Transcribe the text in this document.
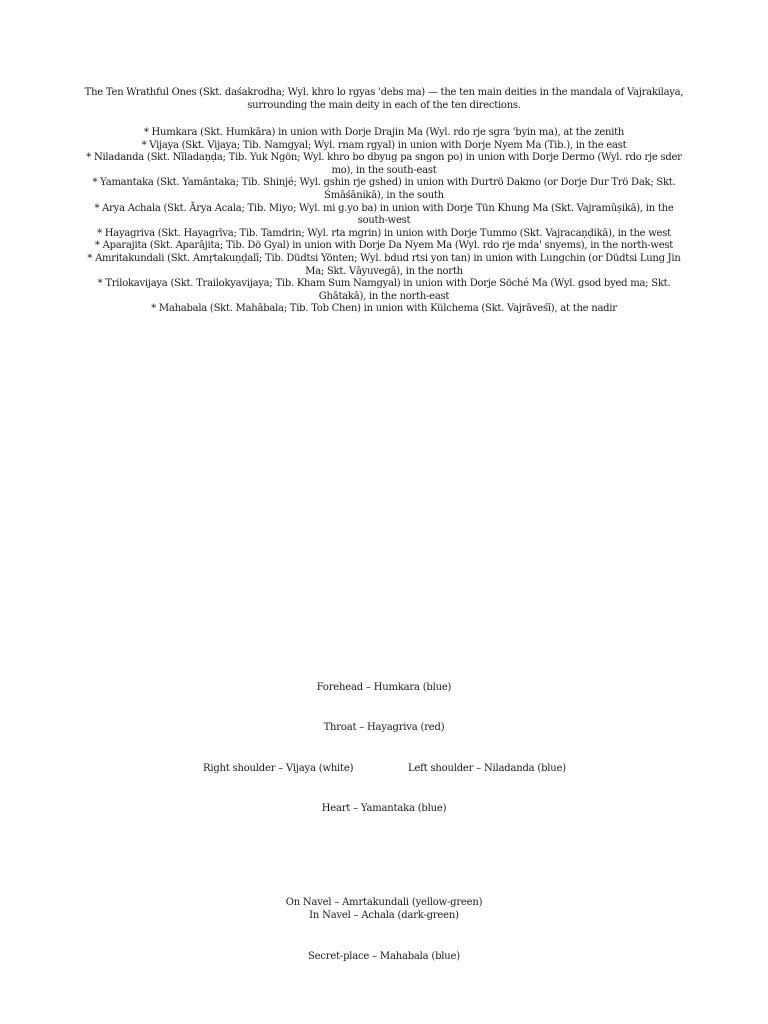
The Ten Wrathful Ones (Skt. daśakrodha; Wyl. khro lo rgyas 'debs ma) — the ten main deities in the mandala of Vajrakilaya, surrounding the main deity in each of the ten directions.
* Humkara (Skt. Humkāra) in union with Dorje Drajin Ma (Wyl. rdo rje sgra 'byin ma), at the zenith
* Vijaya (Skt. Vijaya; Tib. Namgyal; Wyl. rnam rgyal) in union with Dorje Nyem Ma (Tib.), in the east
* Niladanda (Skt. Nīladaṇḍa; Tib. Yuk Ngön; Wyl. khro bo dbyug pa sngon po) in union with Dorje Dermo (Wyl. rdo rje sder mo), in the south-east
* Yamantaka (Skt. Yamāntaka; Tib. Shinjé; Wyl. gshin rje gshed) in union with Durtrö Dakmo (or Dorje Dur Trö Dak; Skt. Śmāśānikā), in the south
* Arya Achala (Skt. Ārya Acala; Tib. Miyo; Wyl. mi g.yo ba) in union with Dorje Tün Khung Ma (Skt. Vajramūṣikā), in the south-west
* Hayagriva (Skt. Hayagrīva; Tib. Tamdrin; Wyl. rta mgrin) in union with Dorje Tummo (Skt. Vajracaṇḍikā), in the west
* Aparajita (Skt. Aparājita; Tib. Dö Gyal) in union with Dorje Da Nyem Ma (Wyl. rdo rje mda' snyems), in the north-west
* Amritakundali (Skt. Amṛtakuṇḍalī; Tib. Düdtsi Yönten; Wyl. bdud rtsi yon tan) in union with Lungchin (or Düdtsi Lung Jin Ma; Skt. Vāyuvegā), in the north
* Trilokavijaya (Skt. Trailokyavijaya; Tib. Kham Sum Namgyal) in union with Dorje Söché Ma (Wyl. gsod byed ma; Skt. Ghātakā), in the north-east
* Mahabala (Skt. Mahābala; Tib. Tob Chen) in union with Külchema (Skt. Vajrāveśī), at the nadir
Forehead – Humkara (blue)
Throat – Hayagriva (red)
Right shoulder – Vijaya (white)	Left shoulder – Niladanda (blue)
Heart – Yamantaka (blue)
On Navel – Amrtakundali (yellow-green)
In Navel – Achala (dark-green)
Secret-place – Mahabala (blue)
